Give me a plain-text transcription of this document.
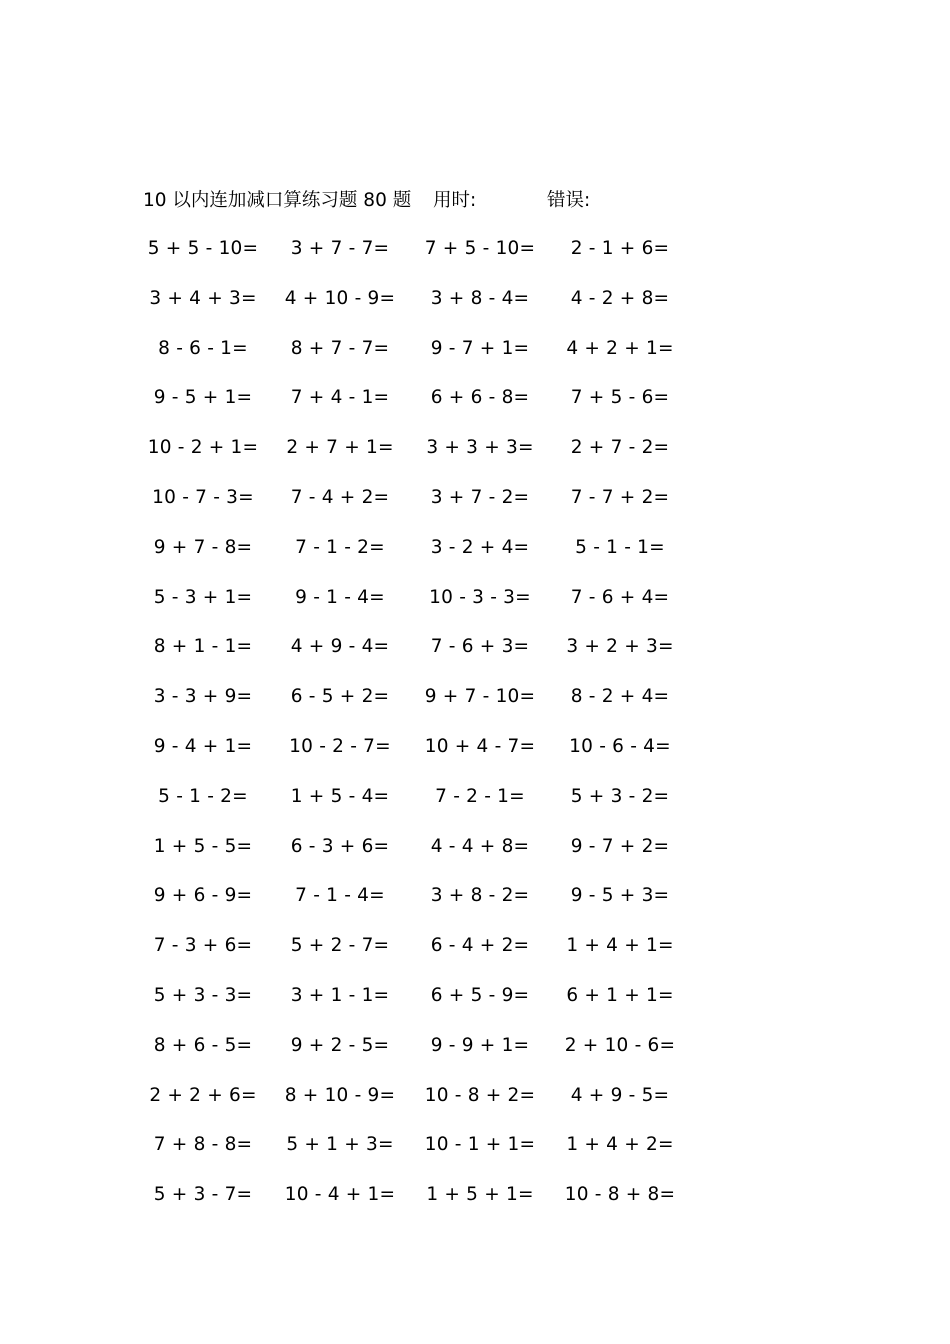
10 以内连加减口算练习题 80 题 用时:	错误:
5 + 5 - 10= 3 + 7 - 7= 7 + 5 - 10= 2 - 1 + 6=
3 + 4 + 3= 4 + 10 - 9= 3 + 8 - 4= 4 - 2 + 8=
8 - 6 - 1= 8 + 7 - 7= 9 - 7 + 1= 4 + 2 + 1=
9 - 5 + 1= 7 + 4 - 1= 6 + 6 - 8= 7 + 5 - 6=
10 - 2 + 1= 2 + 7 + 1= 3 + 3 + 3= 2 + 7 - 2=
10 - 7 - 3= 7 - 4 + 2= 3 + 7 - 2= 7 - 7 + 2=
9 + 7 - 8= 7 - 1 - 2= 3 - 2 + 4= 5 - 1 - 1=
5 - 3 + 1= 9 - 1 - 4= 10 - 3 - 3= 7 - 6 + 4=
8 + 1 - 1= 4 + 9 - 4= 7 - 6 + 3= 3 + 2 + 3=
3 - 3 + 9= 6 - 5 + 2= 9 + 7 - 10= 8 - 2 + 4=
9 - 4 + 1= 10 - 2 - 7= 10 + 4 - 7= 10 - 6 - 4=
5 - 1 - 2= 1 + 5 - 4= 7 - 2 - 1= 5 + 3 - 2=
1 + 5 - 5= 6 - 3 + 6= 4 - 4 + 8= 9 - 7 + 2=
9 + 6 - 9= 7 - 1 - 4= 3 + 8 - 2= 9 - 5 + 3=
7 - 3 + 6= 5 + 2 - 7= 6 - 4 + 2= 1 + 4 + 1=
5 + 3 - 3= 3 + 1 - 1= 6 + 5 - 9= 6 + 1 + 1=
8 + 6 - 5= 9 + 2 - 5= 9 - 9 + 1= 2 + 10 - 6=
2 + 2 + 6= 8 + 10 - 9= 10 - 8 + 2= 4 + 9 - 5=
7 + 8 - 8= 5 + 1 + 3= 10 - 1 + 1= 1 + 4 + 2=
5 + 3 - 7= 10 - 4 + 1= 1 + 5 + 1= 10 - 8 + 8=
